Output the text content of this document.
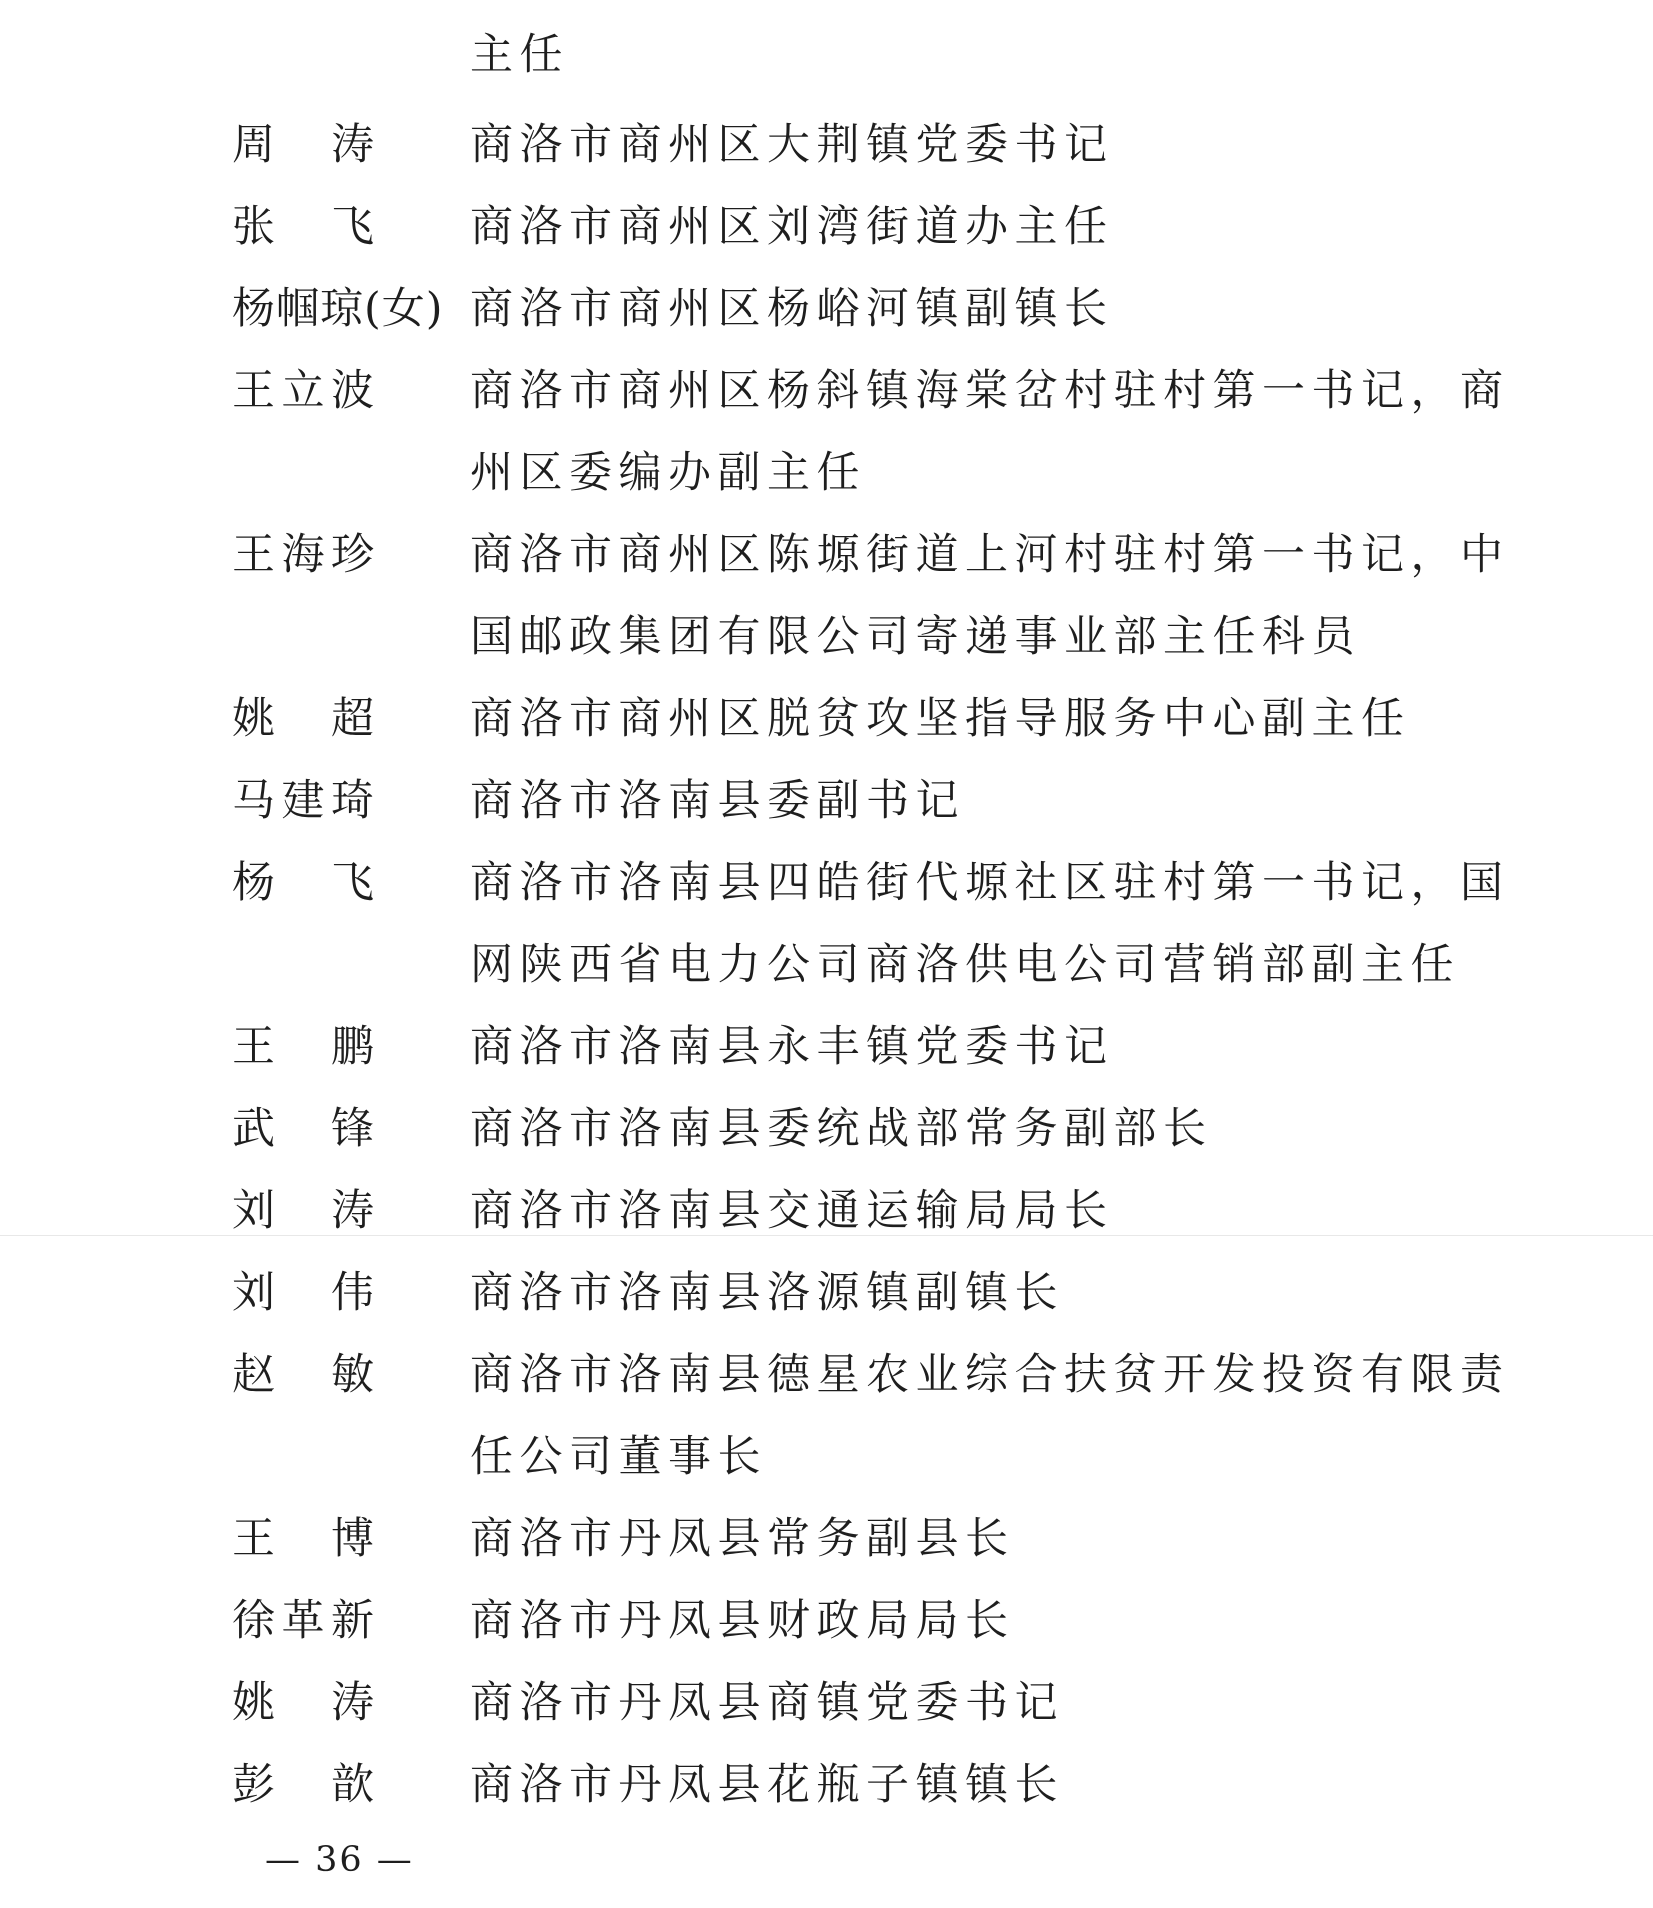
主任
周　涛 商洛市商州区大荆镇党委书记
张　飞 商洛市商州区刘湾街道办主任
杨帼琼(女) 商洛市商州区杨峪河镇副镇长
王立波 商洛市商州区杨斜镇海棠岔村驻村第一书记，商
州区委编办副主任
王海珍 商洛市商州区陈塬街道上河村驻村第一书记，中
国邮政集团有限公司寄递事业部主任科员
姚　超 商洛市商州区脱贫攻坚指导服务中心副主任
马建琦 商洛市洛南县委副书记
杨　飞 商洛市洛南县四皓街代塬社区驻村第一书记，国
网陕西省电力公司商洛供电公司营销部副主任
王　鹏 商洛市洛南县永丰镇党委书记
武　锋 商洛市洛南县委统战部常务副部长
刘　涛 商洛市洛南县交通运输局局长
刘　伟 商洛市洛南县洛源镇副镇长
赵　敏 商洛市洛南县德星农业综合扶贫开发投资有限责
任公司董事长
王　博 商洛市丹凤县常务副县长
徐革新 商洛市丹凤县财政局局长
姚　涛 商洛市丹凤县商镇党委书记
彭　歆 商洛市丹凤县花瓶子镇镇长
— 36 —
